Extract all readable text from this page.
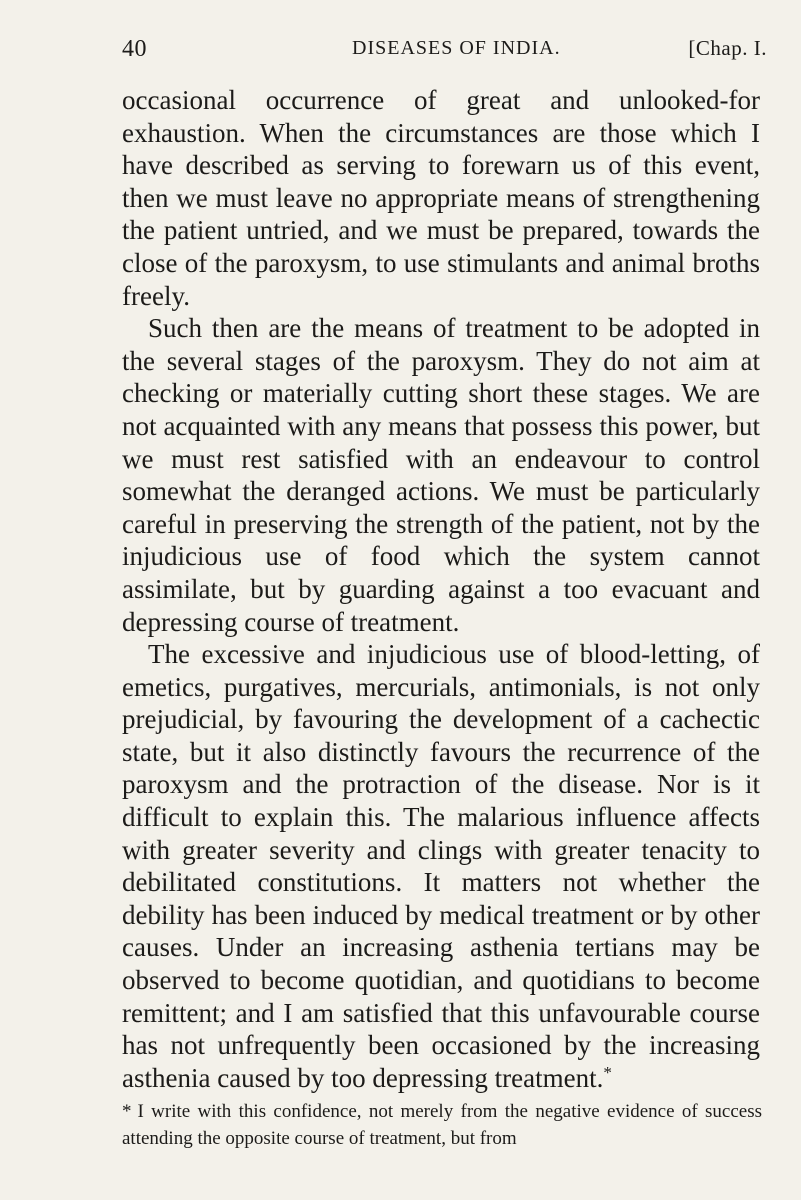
40	DISEASES OF INDIA.	[Chap. I.

occasional occurrence of great and unlooked-for exhaustion. When the circumstances are those which I have described as serving to forewarn us of this event, then we must leave no appropriate means of strengthening the patient untried, and we must be prepared, towards the close of the paroxysm, to use stimulants and animal broths freely.

Such then are the means of treatment to be adopted in the several stages of the paroxysm. They do not aim at checking or materially cutting short these stages. We are not acquainted with any means that possess this power, but we must rest satisfied with an endeavour to control somewhat the deranged actions. We must be particularly careful in preserving the strength of the patient, not by the injudicious use of food which the system cannot assimilate, but by guarding against a too evacuant and depressing course of treatment.

The excessive and injudicious use of blood-letting, of emetics, purgatives, mercurials, antimonials, is not only prejudicial, by favouring the development of a cachectic state, but it also distinctly favours the recurrence of the paroxysm and the protraction of the disease. Nor is it difficult to explain this. The malarious influence affects with greater severity and clings with greater tenacity to debilitated constitutions. It matters not whether the debility has been induced by medical treatment or by other causes. Under an increasing asthenia tertians may be observed to become quotidian, and quotidians to become remittent; and I am satisfied that this unfavourable course has not unfrequently been occasioned by the increasing asthenia caused by too depressing treatment.*

* I write with this confidence, not merely from the negative evidence of success attending the opposite course of treatment, but from
